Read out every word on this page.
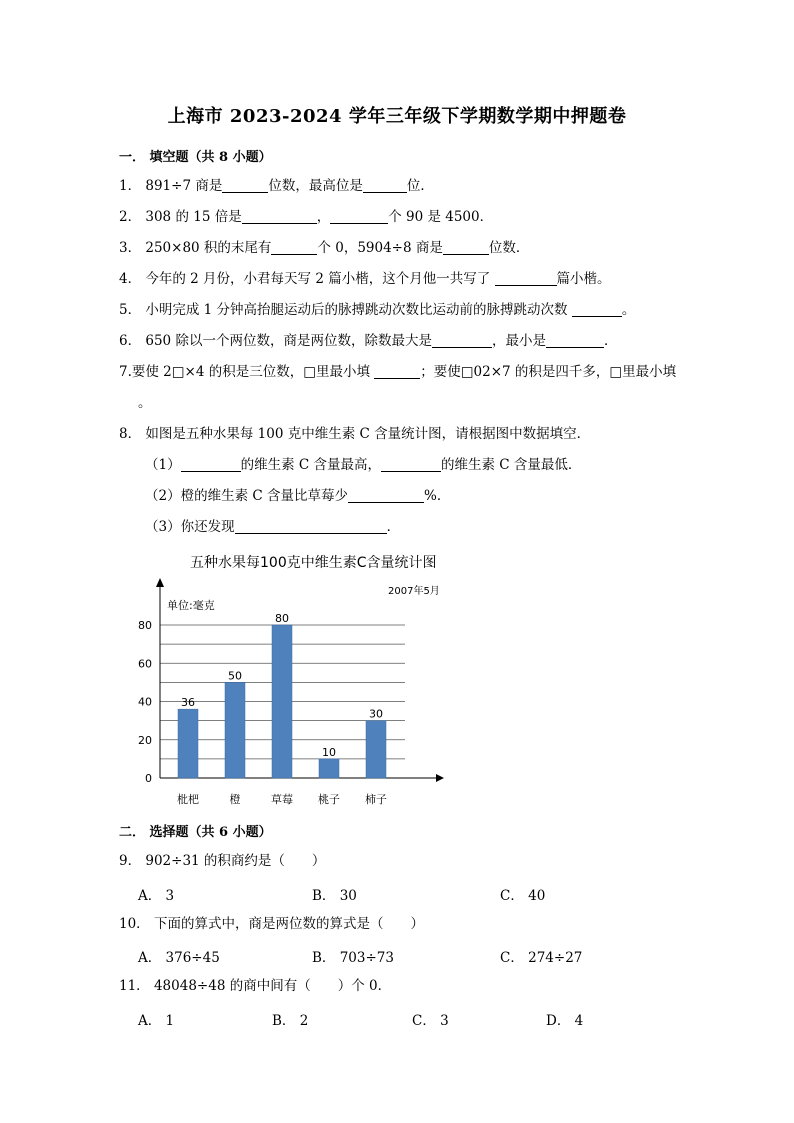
上海市 2023-2024 学年三年级下学期数学期中押题卷
一． 填空题（共 8 小题）
1． 891÷7 商是	位数，最高位是	位．
2． 308 的 15 倍是	，	个 90 是 4500．
3． 250×80 积的末尾有	个 0，5904÷8 商是	位数．
4． 今年的 2 月份，小君每天写 2 篇小楷，这个月他一共写了	篇小楷。
5． 小明完成 1 分钟高抬腿运动后的脉搏跳动次数比运动前的脉搏跳动次数	。
6． 650 除以一个两位数，商是两位数，除数最大是	，最小是	．
7.要使 2□×4 的积是三位数，□里最小填	；要使□02×7 的积是四千多，□里最小填
。
8． 如图是五种水果每 100 克中维生素 C 含量统计图，请根据图中数据填空．
（1）	的维生素 C 含量最高，	的维生素 C 含量最低．
（2）橙的维生素 C 含量比草莓少	%．
（3）你还发现	．
五种水果每100克中维生素C含量统计图
0
20
40
60
80
36
枇杷
50
橙
80
草莓
10
桃子
30
柿子
单位:毫克
2007年5月
二． 选择题（共 6 小题）
9． 902÷31 的积商约是（　　）
A． 3	B． 30	C． 40
10． 下面的算式中，商是两位数的算式是（　　）
A． 376÷45	B． 703÷73	C． 274÷27
11． 48048÷48 的商中间有（　　）个 0．
A． 1	B． 2	C． 3	D． 4
